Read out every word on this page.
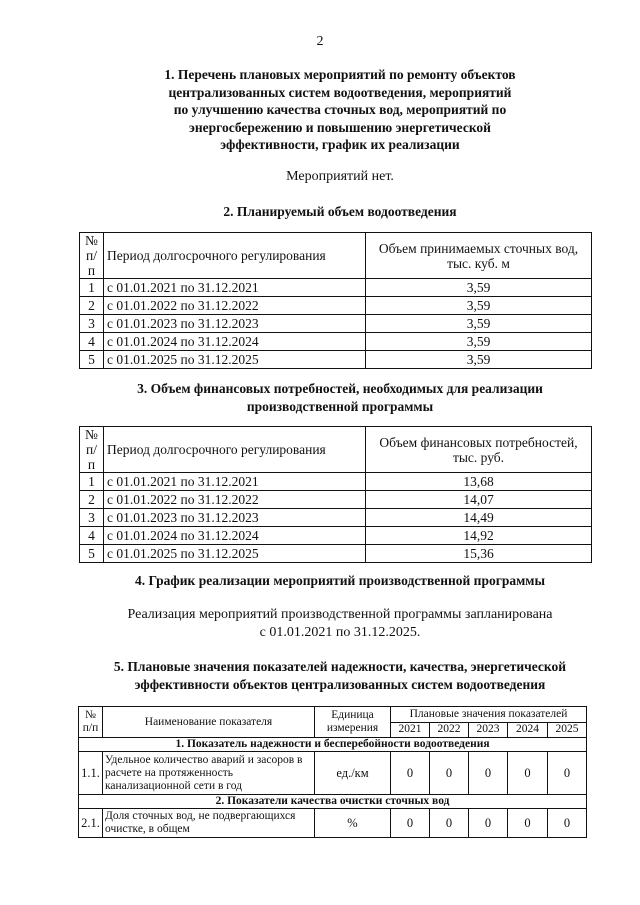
2
1. Перечень плановых мероприятий по ремонту объектов
централизованных систем водоотведения, мероприятий
по улучшению качества сточных вод, мероприятий по
энергосбережению и повышению энергетической
эффективности, график их реализации
Мероприятий нет.
2. Планируемый объем водоотведения
№ п/п	Период долгосрочного регулирования	Объем принимаемых сточных вод, тыс. куб. м
1	с 01.01.2021 по 31.12.2021	3,59
2	с 01.01.2022 по 31.12.2022	3,59
3	с 01.01.2023 по 31.12.2023	3,59
4	с 01.01.2024 по 31.12.2024	3,59
5	с 01.01.2025 по 31.12.2025	3,59
3. Объем финансовых потребностей, необходимых для реализации
производственной программы
№ п/п	Период долгосрочного регулирования	Объем финансовых потребностей, тыс. руб.
1	с 01.01.2021 по 31.12.2021	13,68
2	с 01.01.2022 по 31.12.2022	14,07
3	с 01.01.2023 по 31.12.2023	14,49
4	с 01.01.2024 по 31.12.2024	14,92
5	с 01.01.2025 по 31.12.2025	15,36
4. График реализации мероприятий производственной программы
Реализация мероприятий производственной программы запланирована
с 01.01.2021 по 31.12.2025.
5. Плановые значения показателей надежности, качества, энергетической
эффективности объектов централизованных систем водоотведения
№ п/п	Наименование показателя	Единица измерения	Плановые значения показателей				
			2021	2022	2023	2024	2025
1. Показатель надежности и бесперебойности водоотведения							
1.1.	Удельное количество аварий и засоров в расчете на протяженность канализационной сети в год	ед./км	0	0	0	0	0
2. Показатели качества очистки сточных вод							
2.1.	Доля сточных вод, не подвергающихся очистке, в общем	%	0	0	0	0	0
